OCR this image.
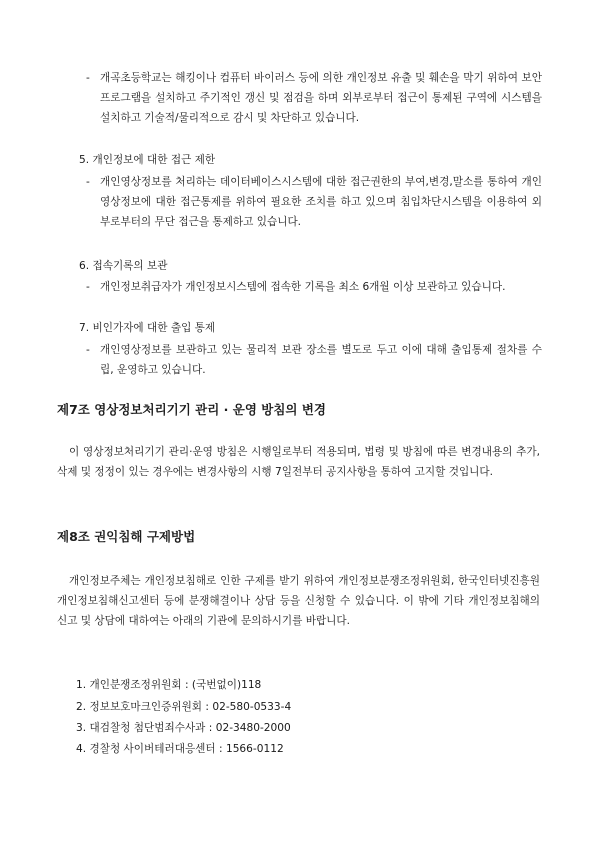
- 개곡초등학교는 해킹이나 컴퓨터 바이러스 등에 의한 개인정보 유출 및 훼손을 막기 위하여 보안프로그램을 설치하고 주기적인 갱신 및 점검을 하며 외부로부터 접근이 통제된 구역에 시스템을 설치하고 기술적/물리적으로 감시 및 차단하고 있습니다.
5. 개인정보에 대한 접근 제한
- 개인영상정보를 처리하는 데이터베이스시스템에 대한 접근권한의 부여,변경,말소를 통하여 개인영상정보에 대한 접근통제를 위하여 필요한 조치를 하고 있으며 침입차단시스템을 이용하여 외부로부터의 무단 접근을 통제하고 있습니다.
6. 접속기록의 보관
- 개인정보취급자가 개인정보시스템에 접속한 기록을 최소 6개월 이상 보관하고 있습니다.
7. 비인가자에 대한 출입 통제
- 개인영상정보를 보관하고 있는 물리적 보관 장소를 별도로 두고 이에 대해 출입통제 절차를 수립, 운영하고 있습니다.
제7조 영상정보처리기기 관리 · 운영 방침의 변경
이 영상정보처리기기 관리·운영 방침은 시행일로부터 적용되며, 법령 및 방침에 따른 변경내용의 추가, 삭제 및 정정이 있는 경우에는 변경사항의 시행 7일전부터 공지사항을 통하여 고지할 것입니다.
제8조 권익침해 구제방법
개인정보주체는 개인정보침해로 인한 구제를 받기 위하여 개인정보분쟁조정위원회, 한국인터넷진흥원 개인정보침해신고센터 등에 분쟁해결이나 상담 등을 신청할 수 있습니다. 이 밖에 기타 개인정보침해의 신고 및 상담에 대하여는 아래의 기관에 문의하시기를 바랍니다.
1. 개인분쟁조정위원회 : (국번없이)118
2. 정보보호마크인증위원회 : 02-580-0533-4
3. 대검찰청 첨단범죄수사과 : 02-3480-2000
4. 경찰청 사이버테러대응센터 : 1566-0112
